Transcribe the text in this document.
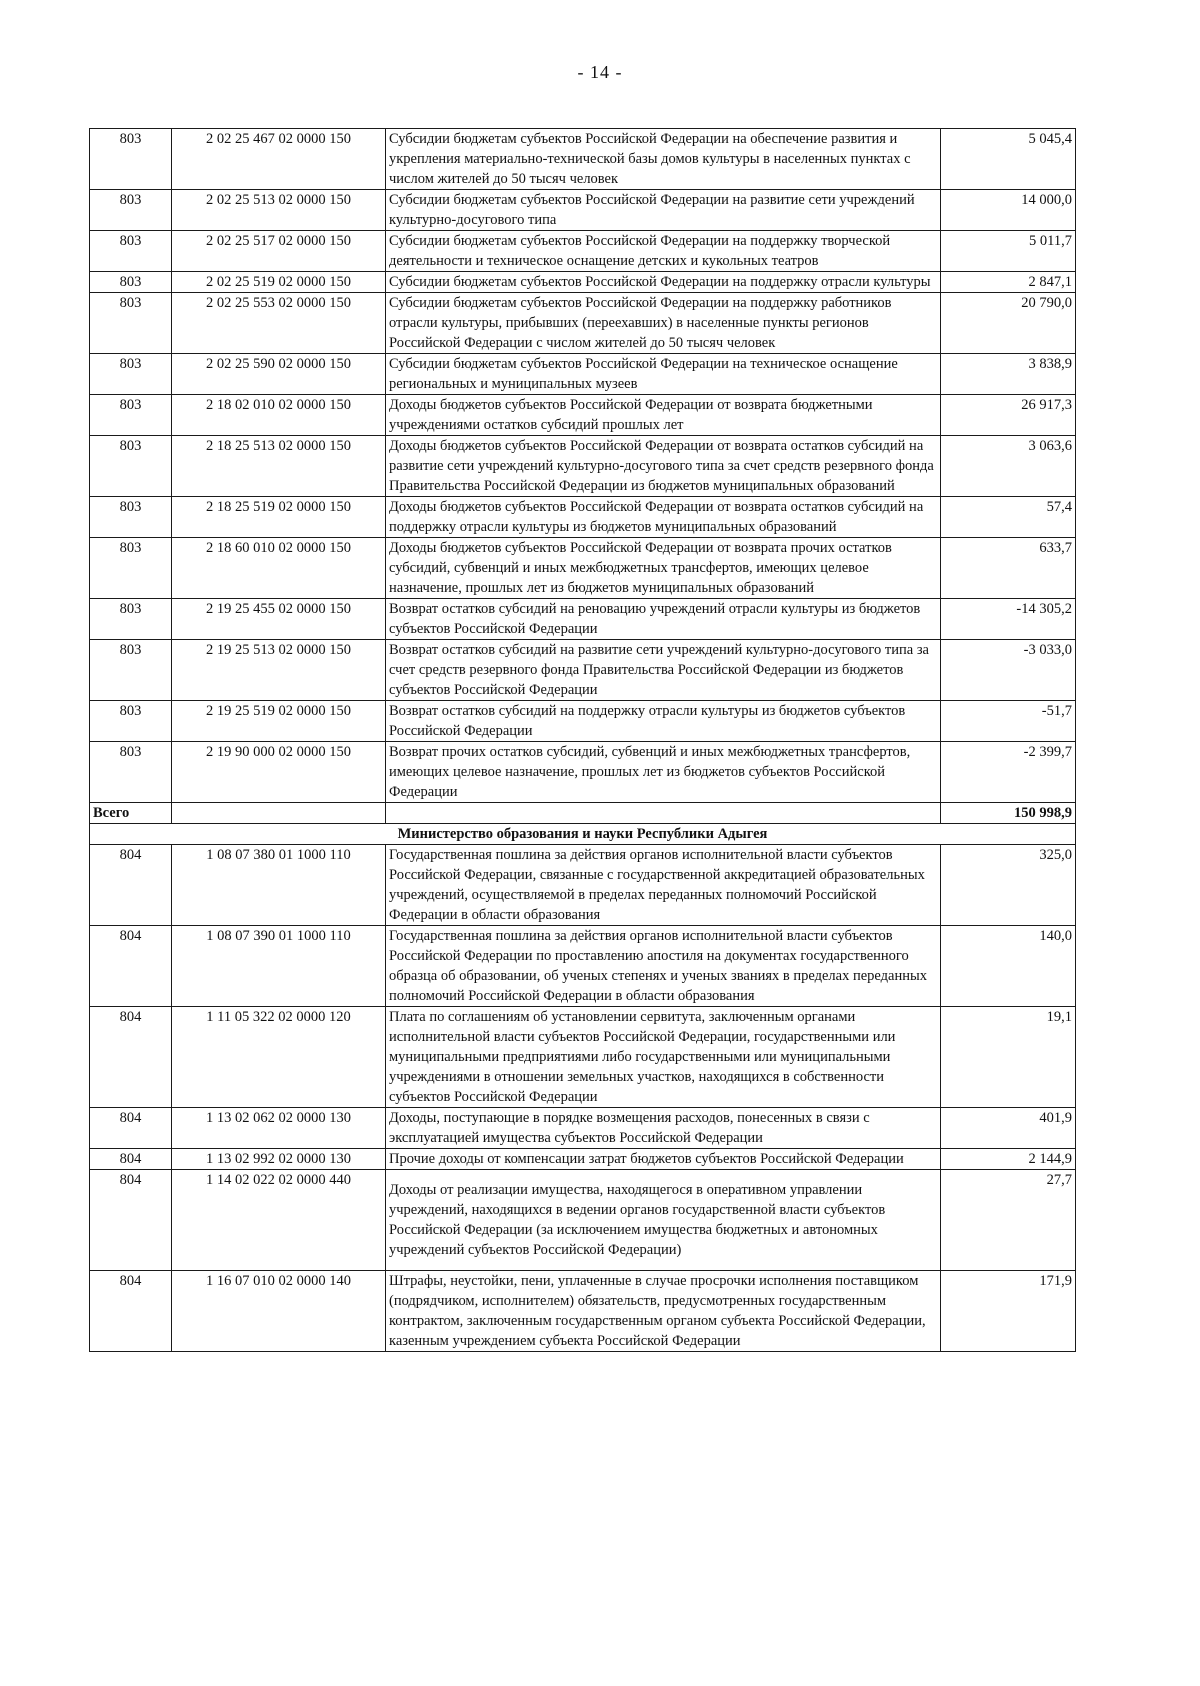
- 14 -
803	2 02 25 467 02 0000 150	Субсидии бюджетам субъектов Российской Федерации на обеспечение развития и укрепления материально-технической базы домов культуры в населенных пунктах с числом жителей до 50 тысяч человек	5 045,4
803	2 02 25 513 02 0000 150	Субсидии бюджетам субъектов Российской Федерации на развитие сети учреждений культурно-досугового типа	14 000,0
803	2 02 25 517 02 0000 150	Субсидии бюджетам субъектов Российской Федерации на поддержку творческой деятельности и техническое оснащение детских и кукольных театров	5 011,7
803	2 02 25 519 02 0000 150	Субсидии бюджетам субъектов Российской Федерации на поддержку отрасли культуры	2 847,1
803	2 02 25 553 02 0000 150	Субсидии бюджетам субъектов Российской Федерации на поддержку работников отрасли культуры, прибывших (переехавших) в населенные пункты регионов Российской Федерации с числом жителей до 50 тысяч человек	20 790,0
803	2 02 25 590 02 0000 150	Субсидии бюджетам субъектов Российской Федерации на техническое оснащение региональных и муниципальных музеев	3 838,9
803	2 18 02 010 02 0000 150	Доходы бюджетов субъектов Российской Федерации от возврата бюджетными учреждениями остатков субсидий прошлых лет	26 917,3
803	2 18 25 513 02 0000 150	Доходы бюджетов субъектов Российской Федерации от возврата остатков субсидий на развитие сети учреждений культурно-досугового типа за счет средств резервного фонда Правительства Российской Федерации из бюджетов муниципальных образований	3 063,6
803	2 18 25 519 02 0000 150	Доходы бюджетов субъектов Российской Федерации от возврата остатков субсидий на поддержку отрасли культуры из бюджетов муниципальных образований	57,4
803	2 18 60 010 02 0000 150	Доходы бюджетов субъектов Российской Федерации от возврата прочих остатков субсидий, субвенций и иных межбюджетных трансфертов, имеющих целевое назначение, прошлых лет из бюджетов муниципальных образований	633,7
803	2 19 25 455 02 0000 150	Возврат остатков субсидий на реновацию учреждений отрасли культуры из бюджетов субъектов Российской Федерации	-14 305,2
803	2 19 25 513 02 0000 150	Возврат остатков субсидий на развитие сети учреждений культурно-досугового типа за счет средств резервного фонда Правительства Российской Федерации из бюджетов субъектов Российской Федерации	-3 033,0
803	2 19 25 519 02 0000 150	Возврат остатков субсидий на поддержку отрасли культуры из бюджетов субъектов Российской Федерации	-51,7
803	2 19 90 000 02 0000 150	Возврат прочих остатков субсидий, субвенций и иных межбюджетных трансфертов, имеющих целевое назначение, прошлых лет из бюджетов субъектов Российской Федерации	-2 399,7
Всего			150 998,9
Министерство образования и науки Республики Адыгея			
804	1 08 07 380 01 1000 110	Государственная пошлина за действия органов исполнительной власти субъектов Российской Федерации, связанные с государственной аккредитацией образовательных учреждений, осуществляемой в пределах переданных полномочий Российской Федерации в области образования	325,0
804	1 08 07 390 01 1000 110	Государственная пошлина за действия органов исполнительной власти субъектов Российской Федерации по проставлению апостиля на документах государственного образца об образовании, об ученых степенях и ученых званиях в пределах переданных полномочий Российской Федерации в области образования	140,0
804	1 11 05 322 02 0000 120	Плата по соглашениям об установлении сервитута, заключенным органами исполнительной власти субъектов Российской Федерации, государственными или муниципальными предприятиями либо государственными или муниципальными учреждениями в отношении земельных участков, находящихся в собственности субъектов Российской Федерации	19,1
804	1 13 02 062 02 0000 130	Доходы, поступающие в порядке возмещения расходов, понесенных в связи с эксплуатацией имущества субъектов Российской Федерации	401,9
804	1 13 02 992 02 0000 130	Прочие доходы от компенсации затрат бюджетов субъектов Российской Федерации	2 144,9
804	1 14 02 022 02 0000 440	Доходы от реализации имущества, находящегося в оперативном управлении учреждений, находящихся в ведении органов государственной власти субъектов Российской Федерации (за исключением имущества бюджетных и автономных учреждений субъектов Российской Федерации)	27,7
804	1 16 07 010 02 0000 140	Штрафы, неустойки, пени, уплаченные в случае просрочки исполнения поставщиком (подрядчиком, исполнителем) обязательств, предусмотренных государственным контрактом, заключенным государственным органом субъекта Российской Федерации, казенным учреждением субъекта Российской Федерации	171,9
